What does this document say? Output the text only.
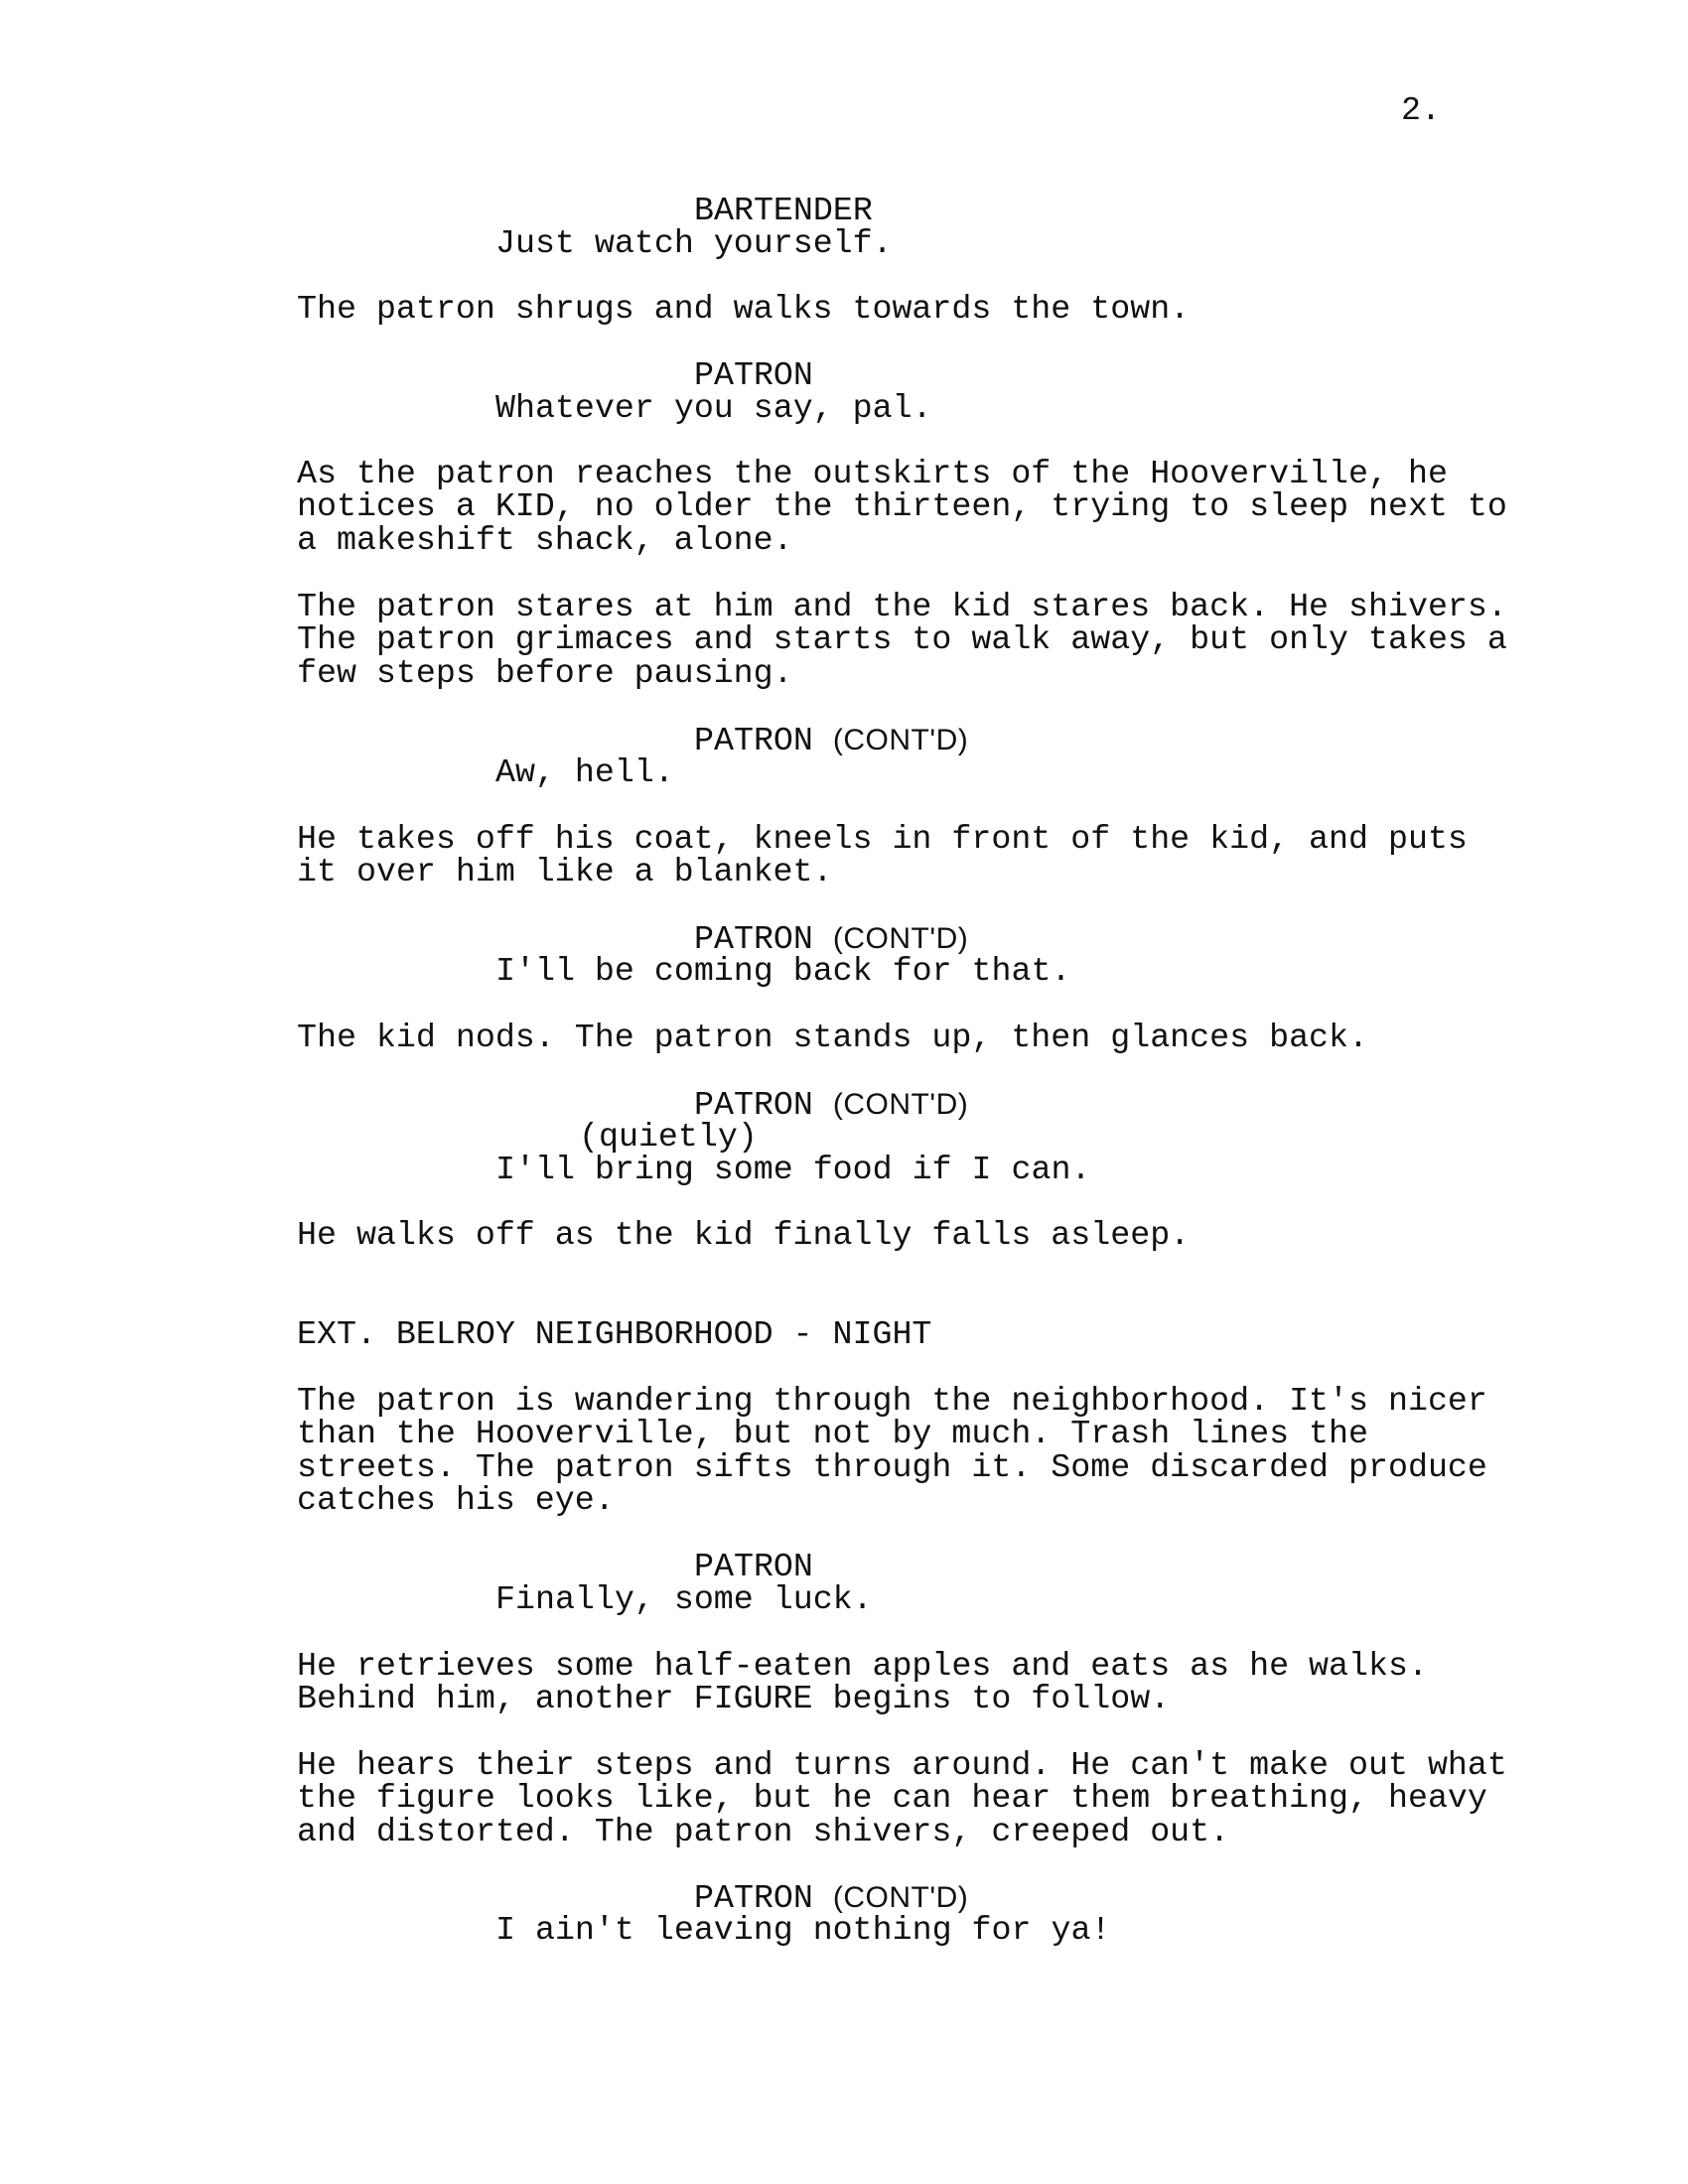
2.
BARTENDER
Just watch yourself.
The patron shrugs and walks towards the town.
PATRON
Whatever you say, pal.
As the patron reaches the outskirts of the Hooverville, he
notices a KID, no older the thirteen, trying to sleep next to
a makeshift shack, alone.
The patron stares at him and the kid stares back. He shivers.
The patron grimaces and starts to walk away, but only takes a
few steps before pausing.
PATRON (CONT'D)
Aw, hell.
He takes off his coat, kneels in front of the kid, and puts
it over him like a blanket.
PATRON (CONT'D)
I'll be coming back for that.
The kid nods. The patron stands up, then glances back.
PATRON (CONT'D)
(quietly)
I'll bring some food if I can.
He walks off as the kid finally falls asleep.
EXT. BELROY NEIGHBORHOOD - NIGHT
The patron is wandering through the neighborhood. It's nicer
than the Hooverville, but not by much. Trash lines the
streets. The patron sifts through it. Some discarded produce
catches his eye.
PATRON
Finally, some luck.
He retrieves some half-eaten apples and eats as he walks.
Behind him, another FIGURE begins to follow.
He hears their steps and turns around. He can't make out what
the figure looks like, but he can hear them breathing, heavy
and distorted. The patron shivers, creeped out.
PATRON (CONT'D)
I ain't leaving nothing for ya!
